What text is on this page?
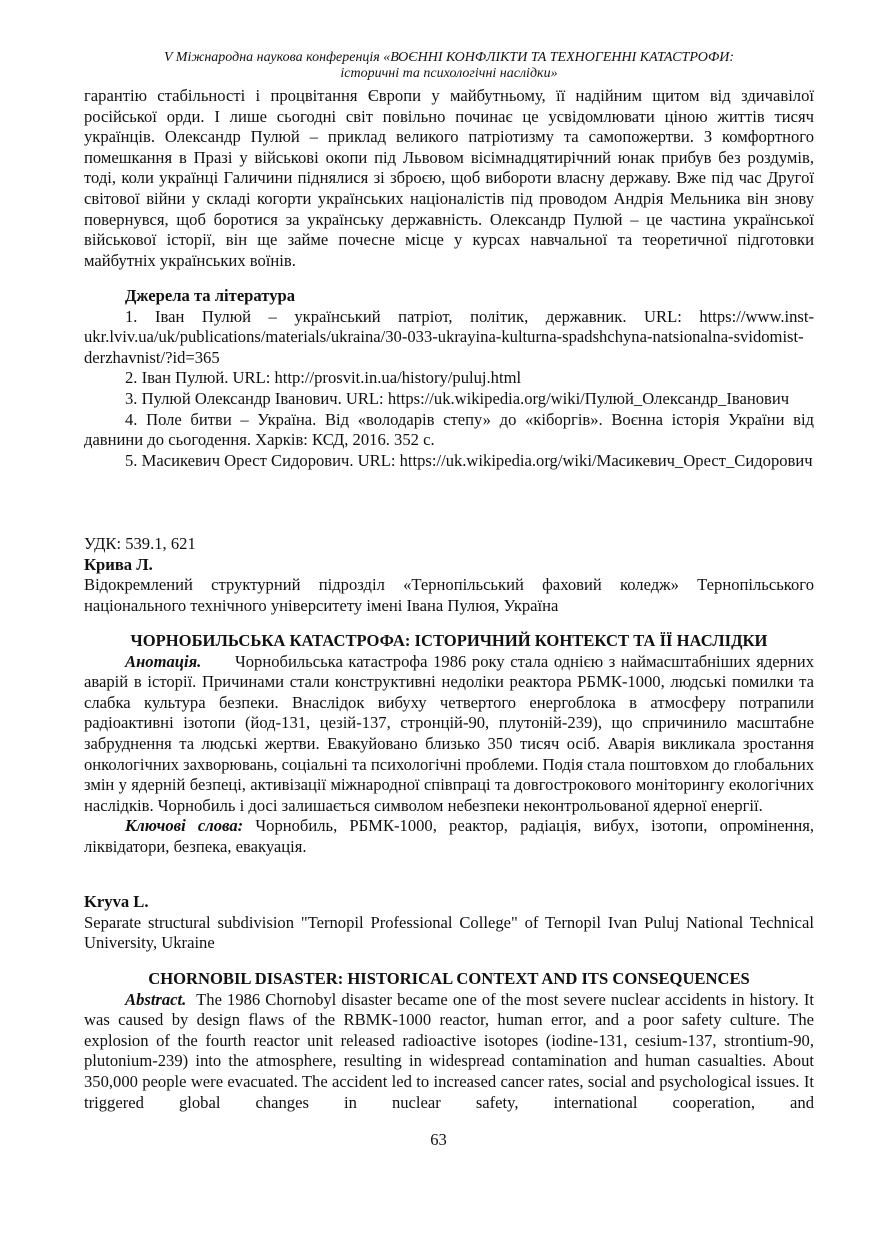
V Міжнародна наукова конференція «ВОЄННІ КОНФЛІКТИ ТА ТЕХНОГЕННІ КАТАСТРОФИ:
історичні та психологічні наслідки»

гарантію стабільності і процвітання Європи у майбутньому, її надійним щитом від здичавілої російської орди. І лише сьогодні світ повільно починає це усвідомлювати ціною життів тисяч українців. Олександр Пулюй – приклад великого патріотизму та самопожертви. З комфортного помешкання в Празі у військові окопи під Львовом вісімнадцятирічний юнак прибув без роздумів, тоді, коли українці Галичини піднялися зі зброєю, щоб вибороти власну державу. Вже під час Другої світової війни у складі когорти українських націоналістів під проводом Андрія Мельника він знову повернувся, щоб боротися за українську державність. Олександр Пулюй – це частина української військової історії, він ще займе почесне місце у курсах навчальної та теоретичної підготовки майбутніх українських воїнів.

Джерела та література

1. Іван Пулюй – український патріот, політик, державник. URL: https://www.inst-ukr.lviv.ua/uk/publications/materials/ukraina/30-033-ukrayina-kulturna-spadshchyna-natsionalna-svidomist-derzhavnist/?id=365

2. Іван Пулюй. URL: http://prosvit.in.ua/history/puluj.html

3. Пулюй Олександр Іванович. URL: https://uk.wikipedia.org/wiki/Пулюй_Олександр_Іванович

4. Поле битви – Україна. Від «володарів степу» до «кіборгів». Воєнна історія України від давнини до сьогодення. Харків: КСД, 2016. 352 с.

5. Масикевич Орест Сидорович. URL: https://uk.wikipedia.org/wiki/Масикевич_Орест_Сидорович

УДК: 539.1, 621

Крива Л.

Відокремлений структурний підрозділ «Тернопільський фаховий коледж» Тернопільського національного технічного університету імені Івана Пулюя, Україна

ЧОРНОБИЛЬСЬКА КАТАСТРОФА: ІСТОРИЧНИЙ КОНТЕКСТ ТА ЇЇ НАСЛІДКИ

Анотація.      Чорнобильська катастрофа 1986 року стала однією з наймасштабніших ядерних аварій в історії. Причинами стали конструктивні недоліки реактора РБМК-1000, людські помилки та слабка культура безпеки. Внаслідок вибуху четвертого енергоблока в атмосферу потрапили радіоактивні ізотопи (йод-131, цезій-137, стронцій-90, плутоній-239), що спричинило масштабне забруднення та людські жертви. Евакуйовано близько 350 тисяч осіб. Аварія викликала зростання онкологічних захворювань, соціальні та психологічні проблеми. Подія стала поштовхом до глобальних змін у ядерній безпеці, активізації міжнародної співпраці та довгострокового моніторингу екологічних наслідків. Чорнобиль і досі залишається символом небезпеки неконтрольованої ядерної енергії.

Ключові слова: Чорнобиль, РБМК-1000, реактор, радіація, вибух, ізотопи, опромінення, ліквідатори, безпека, евакуація.

Kryva L.

Separate structural subdivision "Ternopil Professional College" of Ternopil Ivan Puluj National Technical University, Ukraine

CHORNOBIL DISASTER: HISTORICAL CONTEXT AND ITS CONSEQUENCES

Abstract.  The 1986 Chornobyl disaster became one of the most severe nuclear accidents in history. It was caused by design flaws of the RBMK-1000 reactor, human error, and a poor safety culture. The explosion of the fourth reactor unit released radioactive isotopes (iodine-131, cesium-137, strontium-90, plutonium-239) into the atmosphere, resulting in widespread contamination and human casualties. About 350,000 people were evacuated. The accident led to increased cancer rates, social and psychological issues. It triggered global changes in nuclear safety, international cooperation, and

63
